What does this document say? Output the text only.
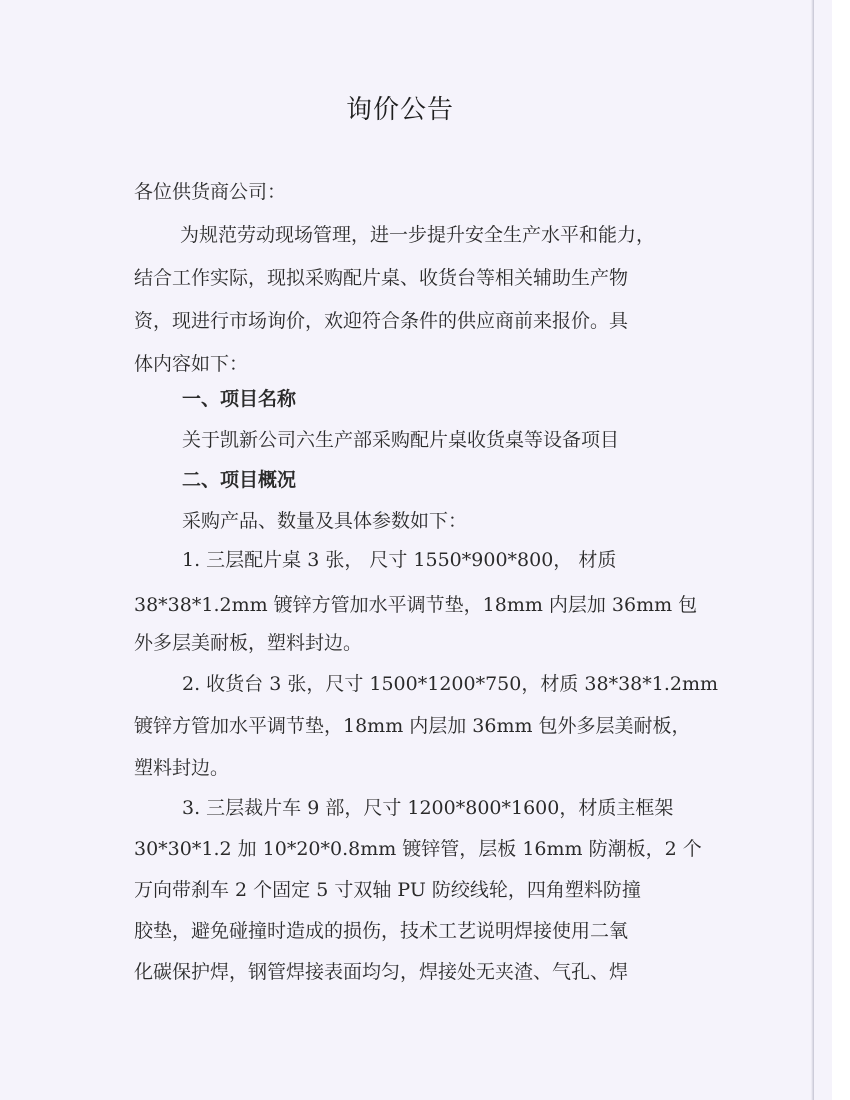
询价公告
各位供货商公司：
为规范劳动现场管理，进一步提升安全生产水平和能力，
结合工作实际，现拟采购配片桌、收货台等相关辅助生产物
资，现进行市场询价，欢迎符合条件的供应商前来报价。具
体内容如下：
一、项目名称
关于凯新公司六生产部采购配片桌收货桌等设备项目
二、项目概况
采购产品、数量及具体参数如下：
1. 三层配片桌 3 张， 尺寸 1550*900*800， 材质
38*38*1.2mm 镀锌方管加水平调节垫，18mm 内层加 36mm 包
外多层美耐板，塑料封边。
2. 收货台 3 张，尺寸 1500*1200*750，材质 38*38*1.2mm
镀锌方管加水平调节垫，18mm 内层加 36mm 包外多层美耐板，
塑料封边。
3. 三层裁片车 9 部，尺寸 1200*800*1600，材质主框架
30*30*1.2 加 10*20*0.8mm 镀锌管，层板 16mm 防潮板，2 个
万向带刹车 2 个固定 5 寸双轴 PU 防绞线轮，四角塑料防撞
胶垫，避免碰撞时造成的损伤，技术工艺说明焊接使用二氧
化碳保护焊，钢管焊接表面均匀，焊接处无夹渣、气孔、焊
